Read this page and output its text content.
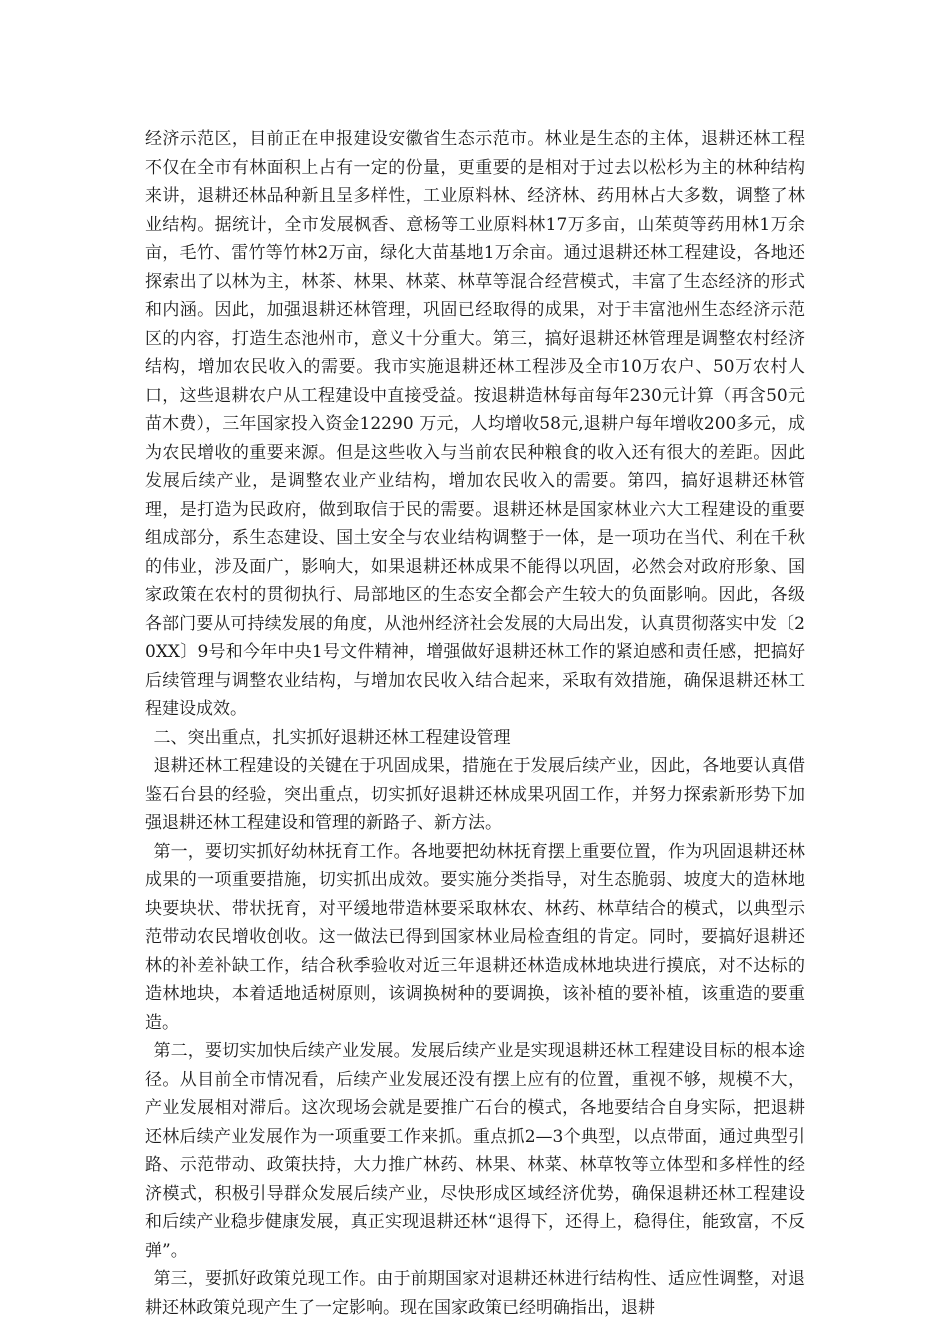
经济示范区，目前正在申报建设安徽省生态示范市。林业是生态的主体，退耕还林工程不仅在全市有林面积上占有一定的份量，更重要的是相对于过去以松杉为主的林种结构来讲，退耕还林品种新且呈多样性，工业原料林、经济林、药用林占大多数，调整了林业结构。据统计，全市发展枫香、意杨等工业原料林17万多亩，山茱萸等药用林1万余亩，毛竹、雷竹等竹林2万亩，绿化大苗基地1万余亩。通过退耕还林工程建设，各地还探索出了以林为主，林茶、林果、林菜、林草等混合经营模式，丰富了生态经济的形式和内涵。因此，加强退耕还林管理，巩固已经取得的成果，对于丰富池州生态经济示范区的内容，打造生态池州市，意义十分重大。第三，搞好退耕还林管理是调整农村经济结构，增加农民收入的需要。我市实施退耕还林工程涉及全市10万农户、50万农村人口，这些退耕农户从工程建设中直接受益。按退耕造林每亩每年230元计算（再含50元苗木费），三年国家投入资金12290 万元，人均增收58元,退耕户每年增收200多元，成为农民增收的重要来源。但是这些收入与当前农民种粮食的收入还有很大的差距。因此发展后续产业，是调整农业产业结构，增加农民收入的需要。第四，搞好退耕还林管理，是打造为民政府，做到取信于民的需要。退耕还林是国家林业六大工程建设的重要组成部分，系生态建设、国土安全与农业结构调整于一体，是一项功在当代、利在千秋的伟业，涉及面广，影响大，如果退耕还林成果不能得以巩固，必然会对政府形象、国家政策在农村的贯彻执行、局部地区的生态安全都会产生较大的负面影响。因此，各级各部门要从可持续发展的角度，从池州经济社会发展的大局出发，认真贯彻落实中发〔20XX〕9号和今年中央1号文件精神，增强做好退耕还林工作的紧迫感和责任感，把搞好后续管理与调整农业结构，与增加农民收入结合起来，采取有效措施，确保退耕还林工程建设成效。

二、突出重点，扎实抓好退耕还林工程建设管理

退耕还林工程建设的关键在于巩固成果，措施在于发展后续产业，因此，各地要认真借鉴石台县的经验，突出重点，切实抓好退耕还林成果巩固工作，并努力探索新形势下加强退耕还林工程建设和管理的新路子、新方法。

第一，要切实抓好幼林抚育工作。各地要把幼林抚育摆上重要位置，作为巩固退耕还林成果的一项重要措施，切实抓出成效。要实施分类指导，对生态脆弱、坡度大的造林地块要块状、带状抚育，对平缓地带造林要采取林农、林药、林草结合的模式，以典型示范带动农民增收创收。这一做法已得到国家林业局检查组的肯定。同时，要搞好退耕还林的补差补缺工作，结合秋季验收对近三年退耕还林造成林地块进行摸底，对不达标的造林地块，本着适地适树原则，该调换树种的要调换，该补植的要补植，该重造的要重造。

第二，要切实加快后续产业发展。发展后续产业是实现退耕还林工程建设目标的根本途径。从目前全市情况看，后续产业发展还没有摆上应有的位置，重视不够，规模不大，产业发展相对滞后。这次现场会就是要推广石台的模式，各地要结合自身实际，把退耕还林后续产业发展作为一项重要工作来抓。重点抓2—3个典型，以点带面，通过典型引路、示范带动、政策扶持，大力推广林药、林果、林菜、林草牧等立体型和多样性的经济模式，积极引导群众发展后续产业，尽快形成区域经济优势，确保退耕还林工程建设和后续产业稳步健康发展，真正实现退耕还林“退得下，还得上，稳得住，能致富，不反弹”。

第三，要抓好政策兑现工作。由于前期国家对退耕还林进行结构性、适应性调整，对退耕还林政策兑现产生了一定影响。现在国家政策已经明确指出，退耕
